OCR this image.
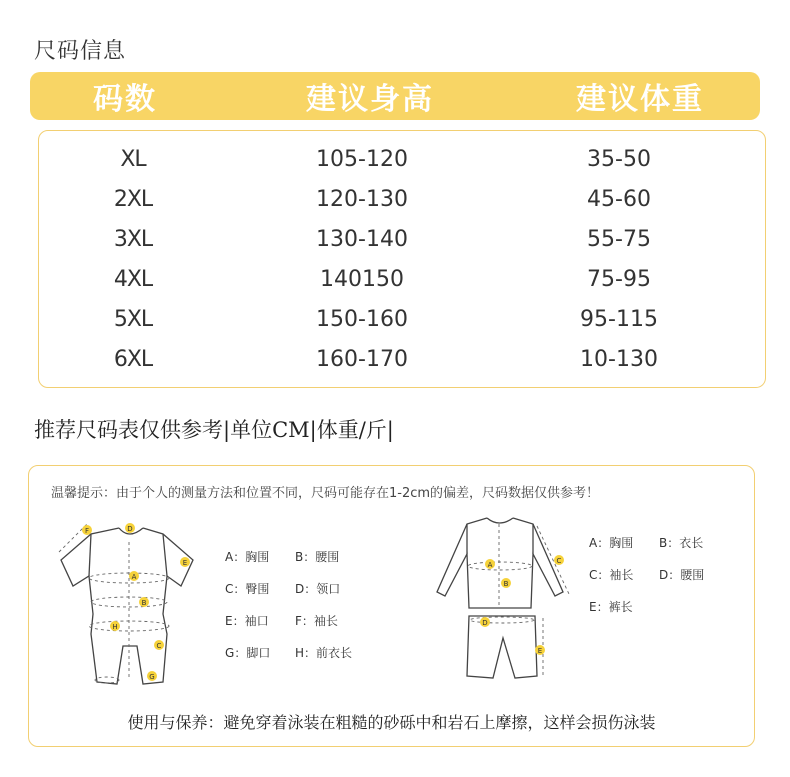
尺码信息
码数	建议身高	建议体重
XL	105-120	35-50
2XL	120-130	45-60
3XL	130-140	55-75
4XL	140150	75-95
5XL	150-160	95-115
6XL	160-170	10-130
推荐尺码表仅供参考|单位CM|体重/斤|
温馨提示：由于个人的测量方法和位置不同，尺码可能存在1-2cm的偏差，尺码数据仅供参考！
F	D
E
A
B
H
C
G
A：胸围	B：腰围
C：臀围	D：领口
E：袖口	F：袖长
G：脚口	H：前衣长
A
B
C
D
E
A：胸围	B：衣长
C：袖长	D：腰围
E：裤长
使用与保养：避免穿着泳装在粗糙的砂砾中和岩石上摩擦，这样会损伤泳装
